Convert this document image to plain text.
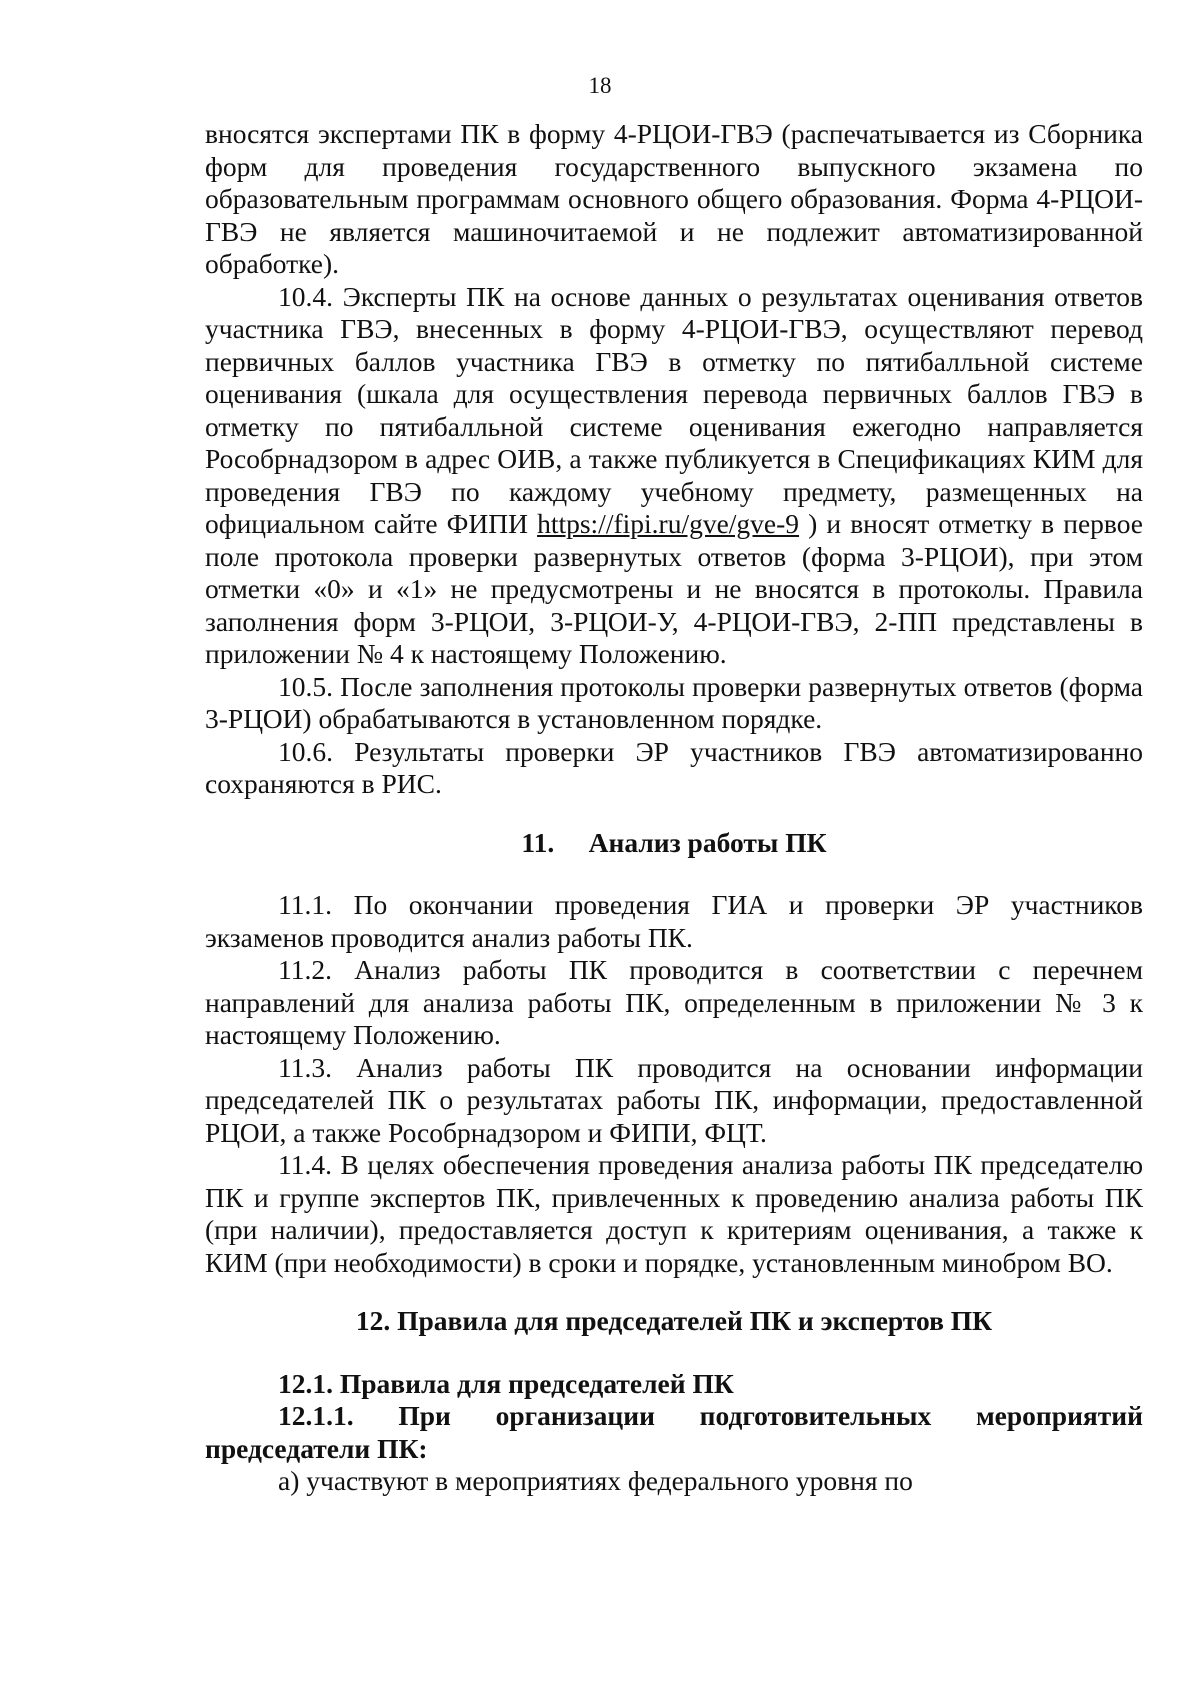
18

вносятся экспертами ПК в форму 4-РЦОИ-ГВЭ (распечатывается из Сборника форм для проведения государственного выпускного экзамена по образовательным программам основного общего образования. Форма 4-РЦОИ-ГВЭ не является машиночитаемой и не подлежит автоматизированной обработке).

10.4. Эксперты ПК на основе данных о результатах оценивания ответов участника ГВЭ, внесенных в форму 4-РЦОИ-ГВЭ, осуществляют перевод первичных баллов участника ГВЭ в отметку по пятибалльной системе оценивания (шкала для осуществления перевода первичных баллов ГВЭ в отметку по пятибалльной системе оценивания ежегодно направляется Рособрнадзором в адрес ОИВ, а также публикуется в Спецификациях КИМ для проведения ГВЭ по каждому учебному предмету, размещенных на официальном сайте ФИПИ https://fipi.ru/gve/gve-9 ) и вносят отметку в первое поле протокола проверки развернутых ответов (форма 3-РЦОИ), при этом отметки «0» и «1» не предусмотрены и не вносятся в протоколы. Правила заполнения форм 3-РЦОИ, 3-РЦОИ-У, 4-РЦОИ-ГВЭ, 2-ПП представлены в приложении № 4 к настоящему Положению.

10.5. После заполнения протоколы проверки развернутых ответов (форма 3-РЦОИ) обрабатываются в установленном порядке.

10.6. Результаты проверки ЭР участников ГВЭ автоматизированно сохраняются в РИС.

11.     Анализ работы ПК

11.1. По окончании проведения ГИА и проверки ЭР участников экзаменов проводится анализ работы ПК.

11.2. Анализ работы ПК проводится в соответствии с перечнем направлений для анализа работы ПК, определенным в приложении № 3 к настоящему Положению.

11.3. Анализ работы ПК проводится на основании информации председателей ПК о результатах работы ПК, информации, предоставленной РЦОИ, а также Рособрнадзором и ФИПИ, ФЦТ.

11.4. В целях обеспечения проведения анализа работы ПК председателю ПК и группе экспертов ПК, привлеченных к проведению анализа работы ПК (при наличии), предоставляется доступ к критериям оценивания, а также к КИМ (при необходимости) в сроки и порядке, установленным минобром ВО.

12. Правила для председателей ПК и экспертов ПК

12.1. Правила для председателей ПК

12.1.1. При организации подготовительных мероприятий председатели ПК:

а) участвуют в мероприятиях федерального уровня по
